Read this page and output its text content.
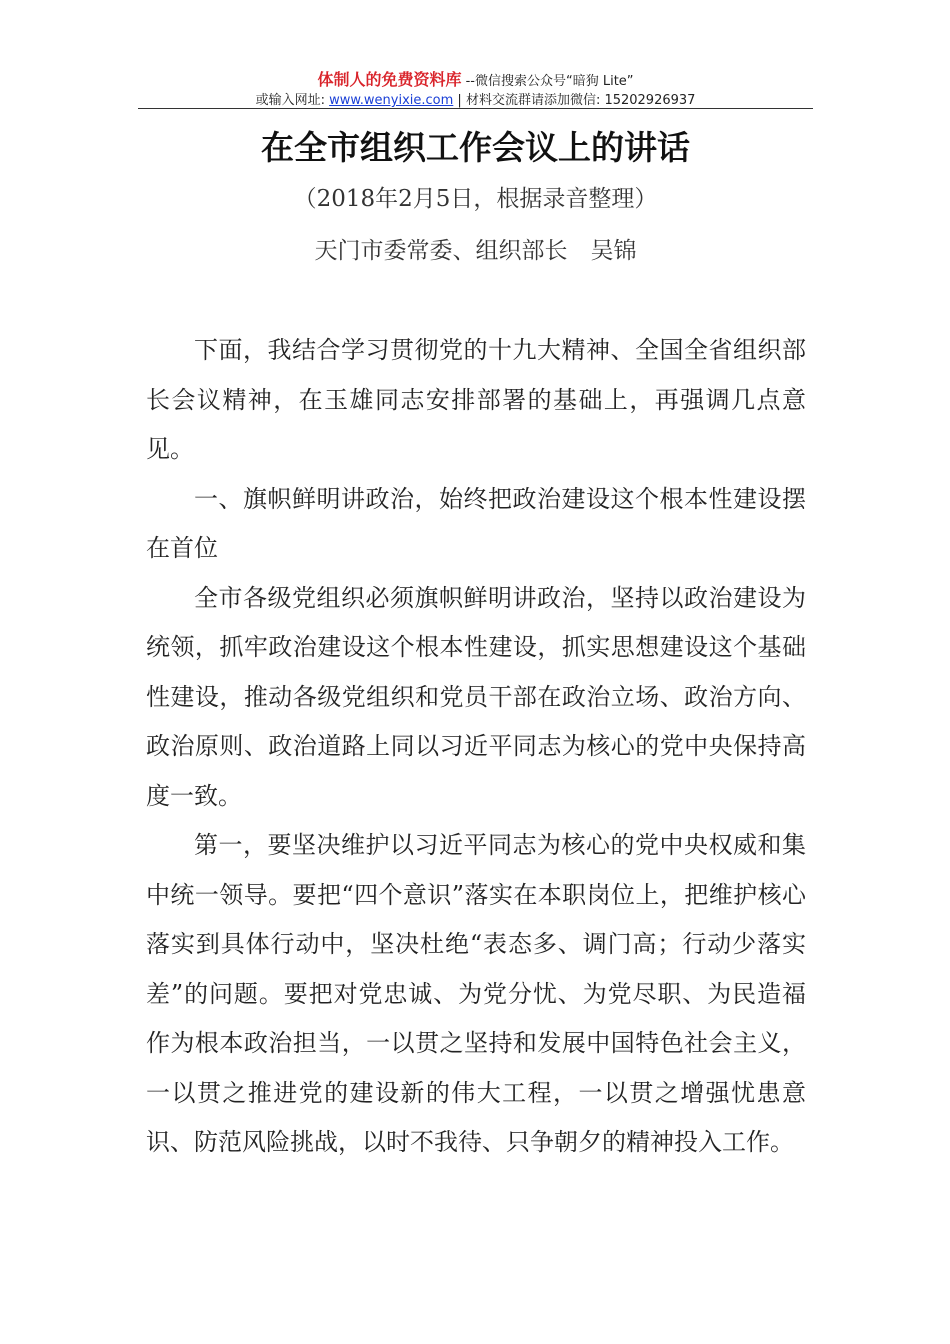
体制人的免费资料库 --微信搜索公众号“暗狗 Lite”
或输入网址: www.wenyixie.com | 材料交流群请添加微信: 15202926937
在全市组织工作会议上的讲话
（2018年2月5日，根据录音整理）
天门市委常委、组织部长　吴锦

下面，我结合学习贯彻党的十九大精神、全国全省组织部长会议精神，在玉雄同志安排部署的基础上，再强调几点意见。

一、旗帜鲜明讲政治，始终把政治建设这个根本性建设摆在首位

全市各级党组织必须旗帜鲜明讲政治，坚持以政治建设为统领，抓牢政治建设这个根本性建设，抓实思想建设这个基础性建设，推动各级党组织和党员干部在政治立场、政治方向、政治原则、政治道路上同以习近平同志为核心的党中央保持高度一致。

第一，要坚决维护以习近平同志为核心的党中央权威和集中统一领导。要把“四个意识”落实在本职岗位上，把维护核心落实到具体行动中，坚决杜绝“表态多、调门高；行动少落实差”的问题。要把对党忠诚、为党分忧、为党尽职、为民造福作为根本政治担当，一以贯之坚持和发展中国特色社会主义，一以贯之推进党的建设新的伟大工程，一以贯之增强忧患意识、防范风险挑战，以时不我待、只争朝夕的精神投入工作。
